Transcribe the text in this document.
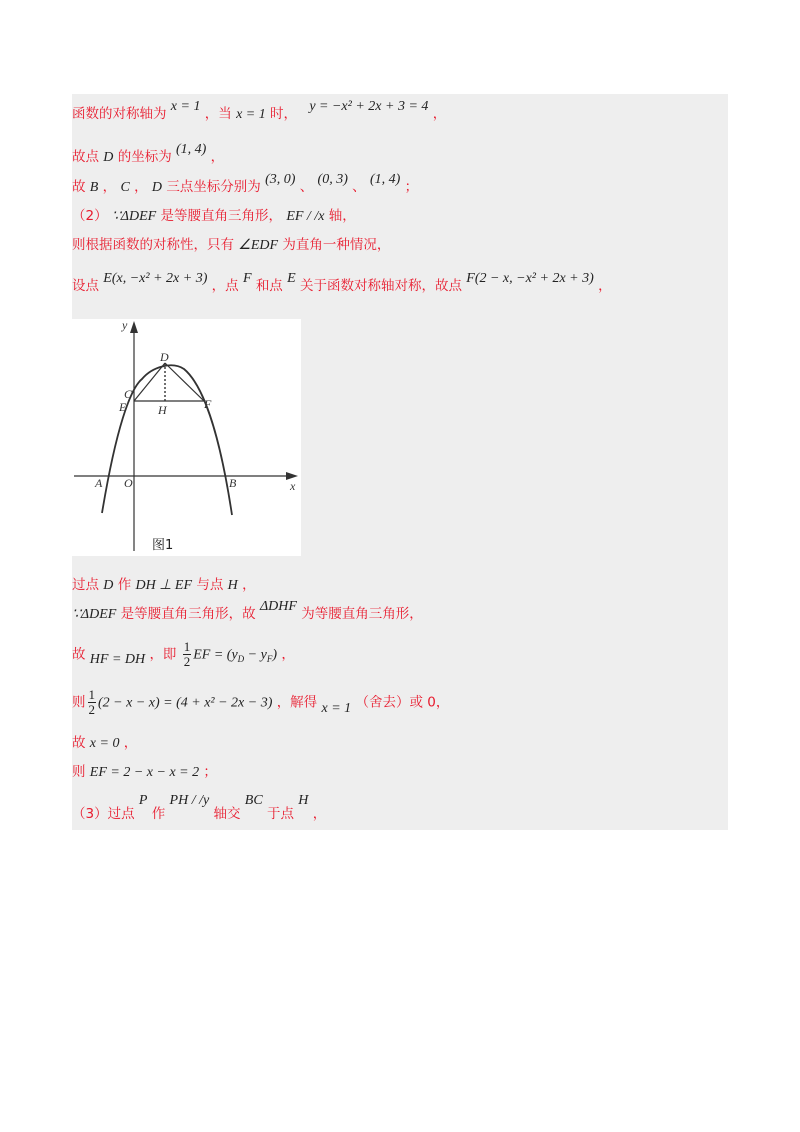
函数的对称轴为 x = 1 ，当 x = 1 时， y = −x² + 2x + 3 = 4 ，
故点 D 的坐标为 (1, 4) ，
故 B ， C ， D 三点坐标分别为 (3, 0) 、 (0, 3) 、 (1, 4) ；
（2） ∵ΔDEF 是等腰直角三角形， EF / /x 轴，
则根据函数的对称性，只有 ∠EDF 为直角一种情况，
设点 E(x, −x² + 2x + 3) ，点 F 和点 E 关于函数对称轴对称，故点 F(2 − x, −x² + 2x + 3) ，
y
x
D
C
E	H	F
A O	B
图1
过点 D 作 DH ⊥ EF 与点 H ，
∵ΔDEF 是等腰直角三角形，故 ΔDHF 为等腰直角三角形，
故 HF = DH ，即 $\frac{1}{2}$ EF = $(y_D - y_F)$ ，
则 $\frac{1}{2} (2 - x - x) = (4 + x^2 - 2x - 3)$ ，解得 x = 1 （舍去）或 0，
故 x = 0 ，
则 EF = 2 − x − x = 2 ；
（3）过点 P 作 PH / /y 轴交 BC 于点 H ，
